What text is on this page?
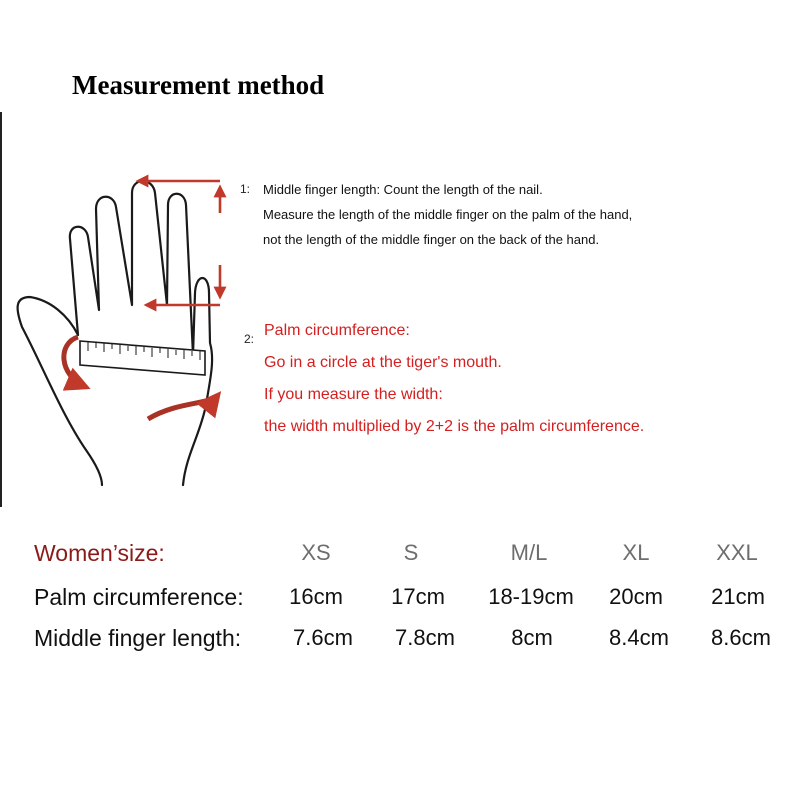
Measurement method
1: Middle finger length: Count the length of the nail.
Measure the length of the middle finger on the palm of the hand,
not the length of the middle finger on the back of the hand.
2: Palm circumference:
Go in a circle at the tiger's mouth.
If you measure the width:
the width multiplied by 2+2 is the palm circumference.
Women’size:	XS	S	M/L	XL	XXL
Palm circumference:	16cm	17cm	18-19cm	20cm	21cm
Middle finger length:	7.6cm	7.8cm	8cm	8.4cm	8.6cm
